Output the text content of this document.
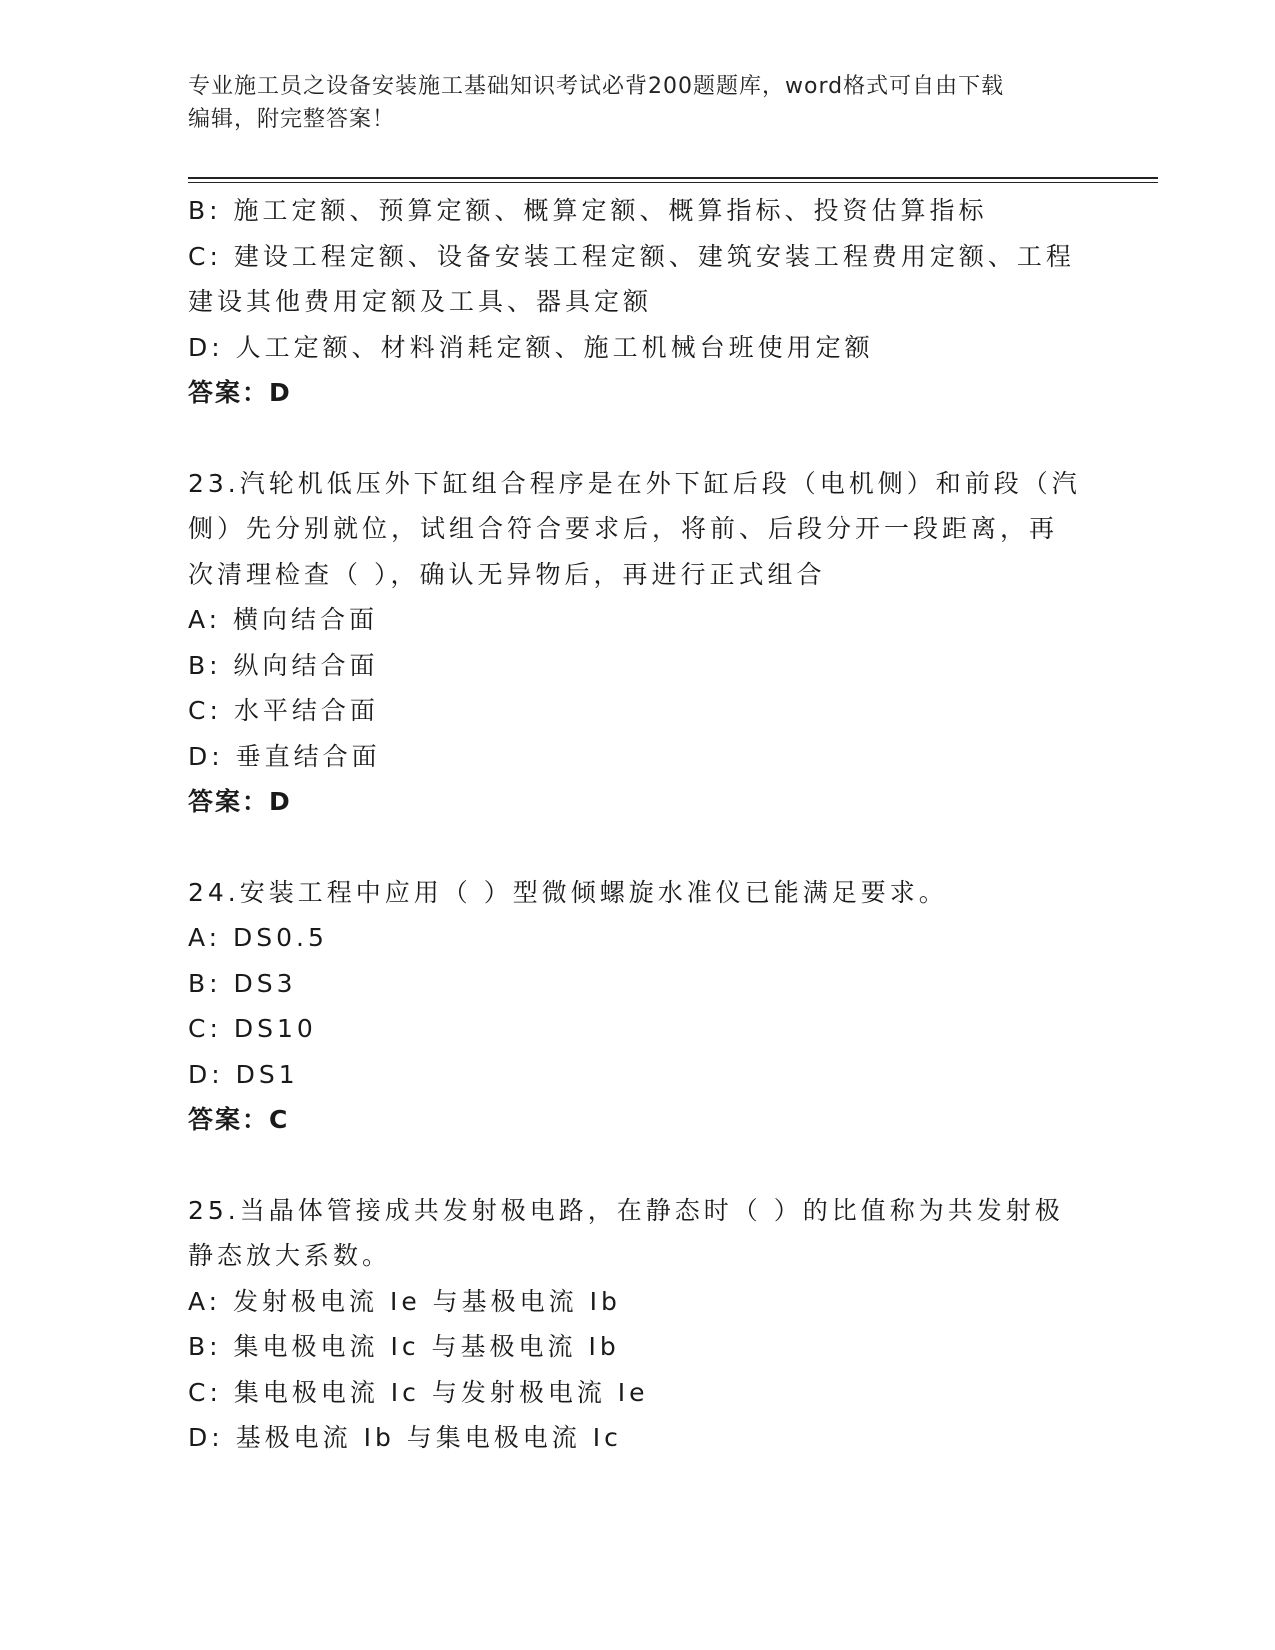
专业施工员之设备安装施工基础知识考试必背200题题库，word格式可自由下载
编辑，附完整答案！

B: 施工定额、预算定额、概算定额、概算指标、投资估算指标

C: 建设工程定额、设备安装工程定额、建筑安装工程费用定额、工程

建设其他费用定额及工具、器具定额

D: 人工定额、材料消耗定额、施工机械台班使用定额

答案：D

23.汽轮机低压外下缸组合程序是在外下缸后段（电机侧）和前段（汽

侧）先分别就位，试组合符合要求后，将前、后段分开一段距离，再

次清理检查（ ），确认无异物后，再进行正式组合

A: 横向结合面

B: 纵向结合面

C: 水平结合面

D: 垂直结合面

答案：D

24.安装工程中应用（ ）型微倾螺旋水准仪已能满足要求。

A: DS0.5

B: DS3

C: DS10

D: DS1

答案：C

25.当晶体管接成共发射极电路，在静态时（ ）的比值称为共发射极

静态放大系数。

A: 发射极电流 Ie 与基极电流 Ib

B: 集电极电流 Ic 与基极电流 Ib

C: 集电极电流 Ic 与发射极电流 Ie

D: 基极电流 Ib 与集电极电流 Ic
